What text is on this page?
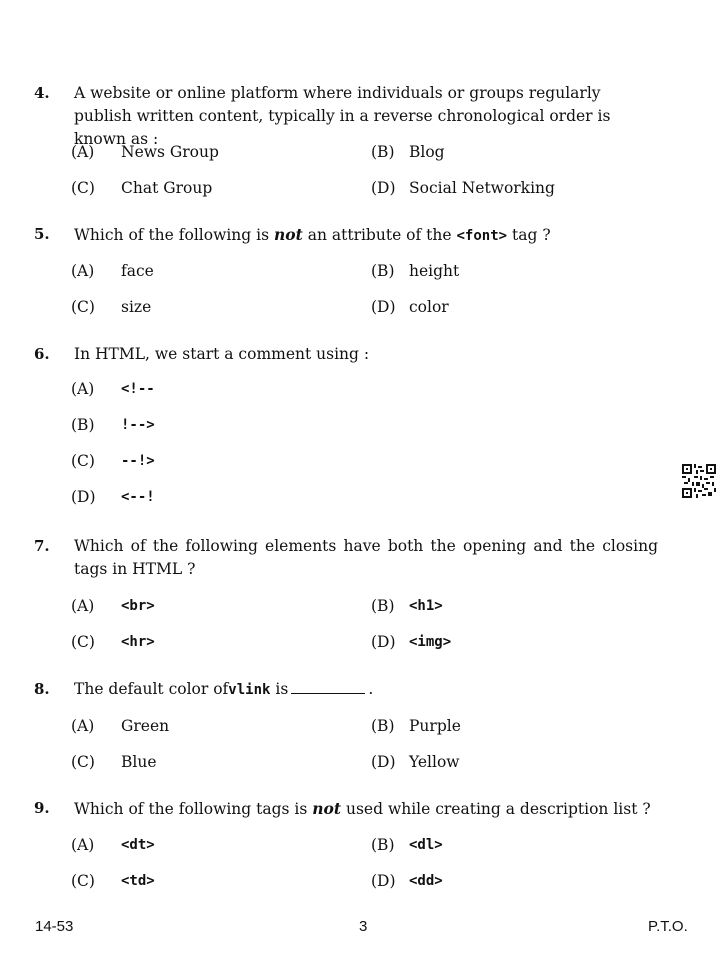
4.	A website or online platform where individuals or groups regularly publish written content, typically in a reverse chronological order is known as :
(A)	News Group	(B) Blog
(C)	Chat Group	(D) Social Networking
5.	Which of the following is not an attribute of the <font> tag ?
(A)	face	(B) height
(C)	size	(D) color
6.	In HTML, we start a comment using :
(A)	<!--
(B)	!-->
(C)	--!>
(D)	<--!
7.	Which of the following elements have both the opening and the closing tags in HTML ?
(A)	<br>	(B)	<h1>
(C)	<hr>	(D) <img>
8.	The default color ofvlink is	.
(A)	Green	(B) Purple
(C)	Blue	(D) Yellow
9.	Which of the following tags is not used while creating a description list ?
(A)	<dt>	(B)	<dl>
(C)	<td>	(D) <dd>
14-53	3	P.T.O.
